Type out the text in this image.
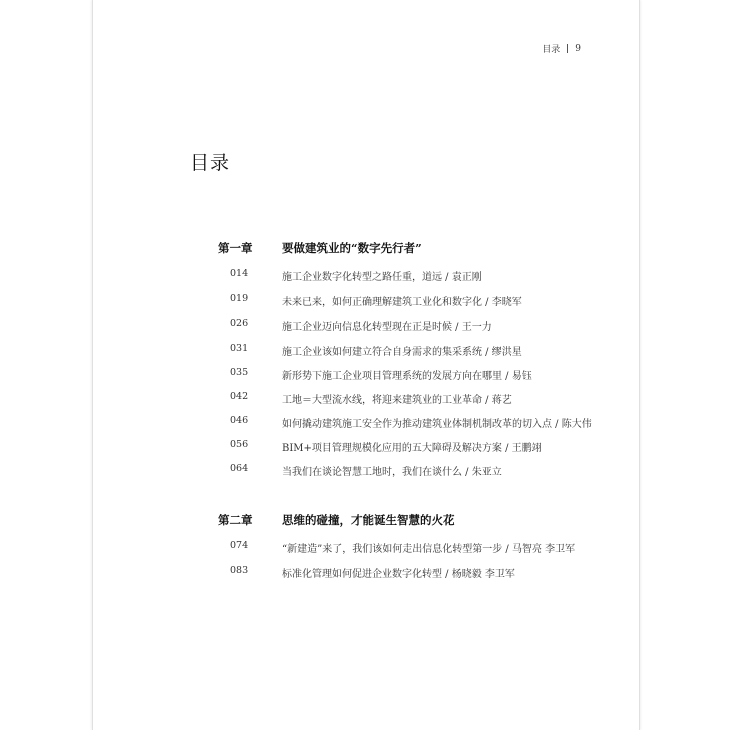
目录 9
目录
第一章	要做建筑业的“数字先行者”
014	施工企业数字化转型之路任重，道远 / 袁正刚
019	未来已来，如何正确理解建筑工业化和数字化 / 李晓军
026	施工企业迈向信息化转型现在正是时候 / 王一力
031	施工企业该如何建立符合自身需求的集采系统 / 缪洪星
035	新形势下施工企业项目管理系统的发展方向在哪里 / 易钰
042	工地＝大型流水线，将迎来建筑业的工业革命 / 蒋艺
046	如何撬动建筑施工安全作为推动建筑业体制机制改革的切入点 / 陈大伟
056	BIM+项目管理规模化应用的五大障碍及解决方案 / 王鹏翊
064	当我们在谈论智慧工地时，我们在谈什么 / 朱亚立
第二章	思维的碰撞，才能诞生智慧的火花
074	“新建造”来了，我们该如何走出信息化转型第一步 / 马智亮 李卫军
083	标准化管理如何促进企业数字化转型 / 杨晓毅 李卫军
